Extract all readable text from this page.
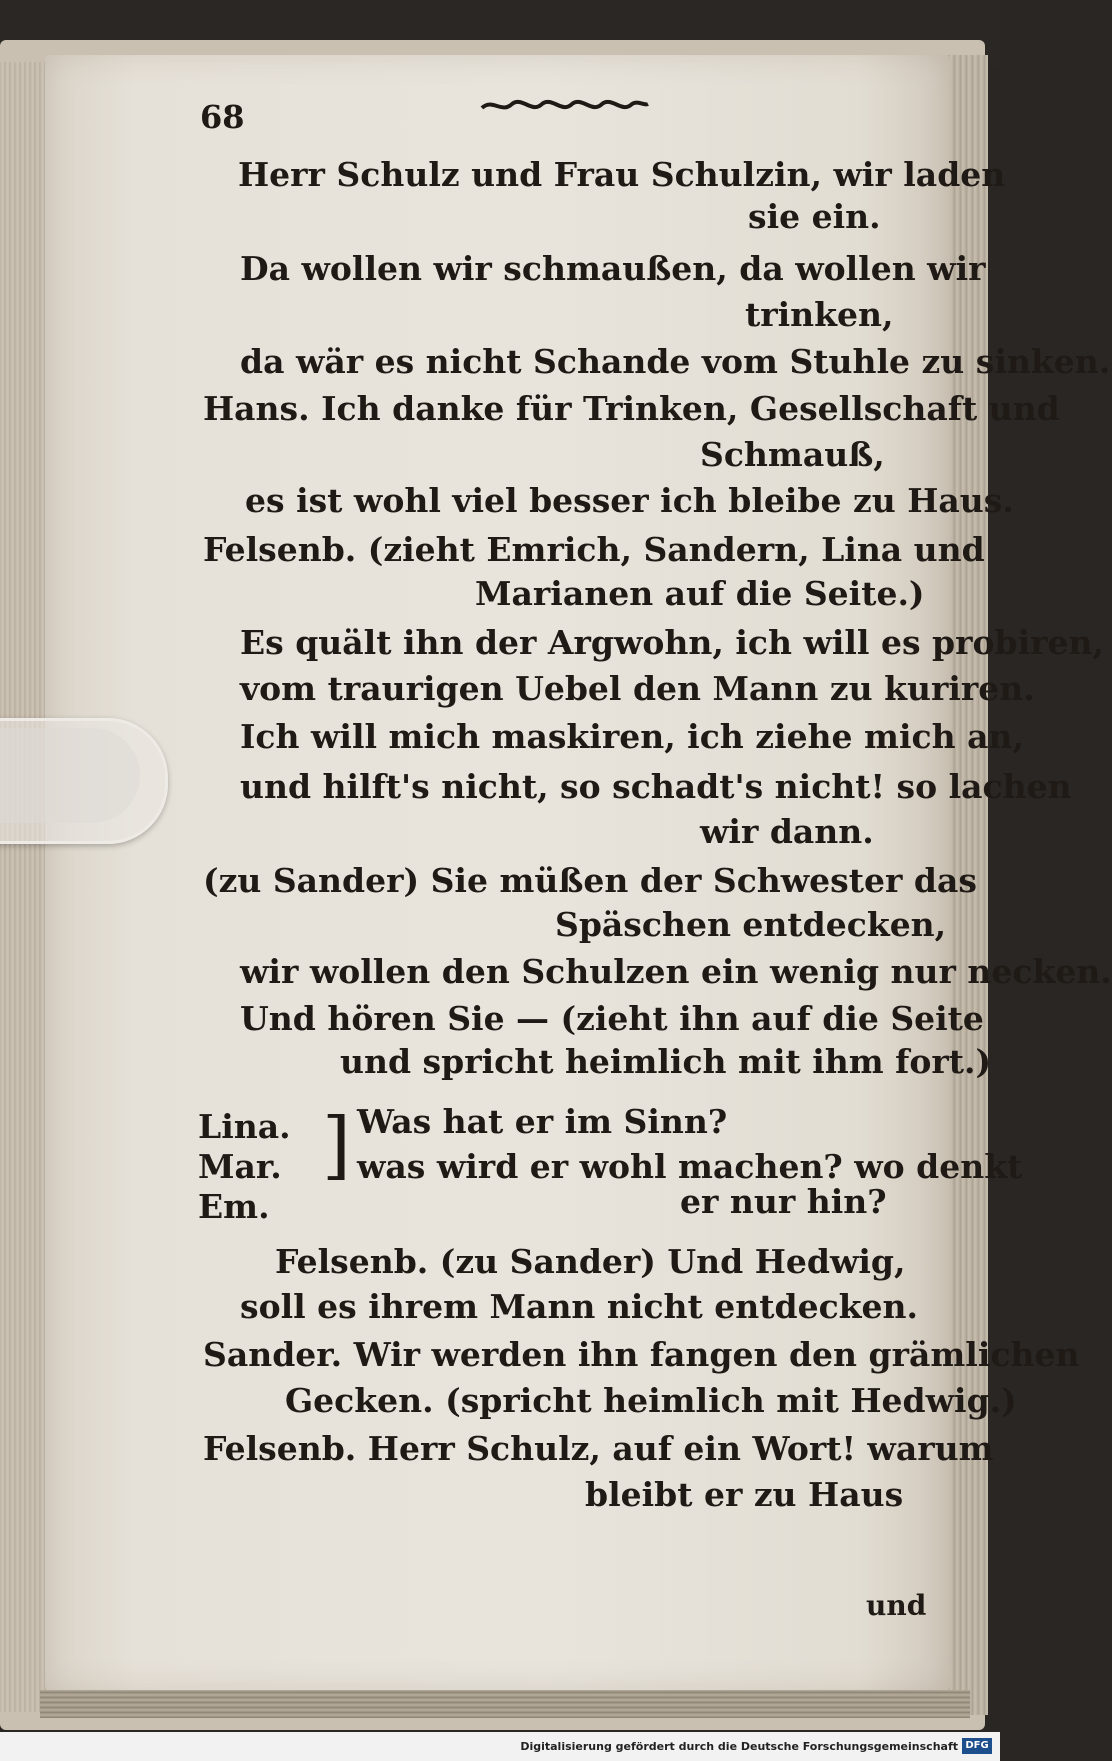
68
Herr Schulz und Frau Schulzin, wir laden
sie ein.
Da wollen wir schmaußen, da wollen wir
trinken,
da wär es nicht Schande vom Stuhle zu sinken.
Hans. Ich danke für Trinken, Gesellschaft und
Schmauß,
es ist wohl viel besser ich bleibe zu Haus.
Felsenb. (zieht Emrich, Sandern, Lina und
Marianen auf die Seite.)
Es quält ihn der Argwohn, ich will es probiren,
vom traurigen Uebel den Mann zu kuriren.
Ich will mich maskiren, ich ziehe mich an,
und hilft's nicht, so schadt's nicht! so lachen
wir dann.
(zu Sander) Sie müßen der Schwester das
Späschen entdecken,
wir wollen den Schulzen ein wenig nur necken.
Und hören Sie — (zieht ihn auf die Seite
und spricht heimlich mit ihm fort.)
Lina.
Mar.
Em.
] Was hat er im Sinn?
was wird er wohl machen? wo denkt
er nur hin?
Felsenb. (zu Sander) Und Hedwig,
soll es ihrem Mann nicht entdecken.
Sander. Wir werden ihn fangen den grämlichen
Gecken. (spricht heimlich mit Hedwig.)
Felsenb. Herr Schulz, auf ein Wort! warum
bleibt er zu Haus
und
Digitalisierung gefördert durch die Deutsche Forschungsgemeinschaft DFG
